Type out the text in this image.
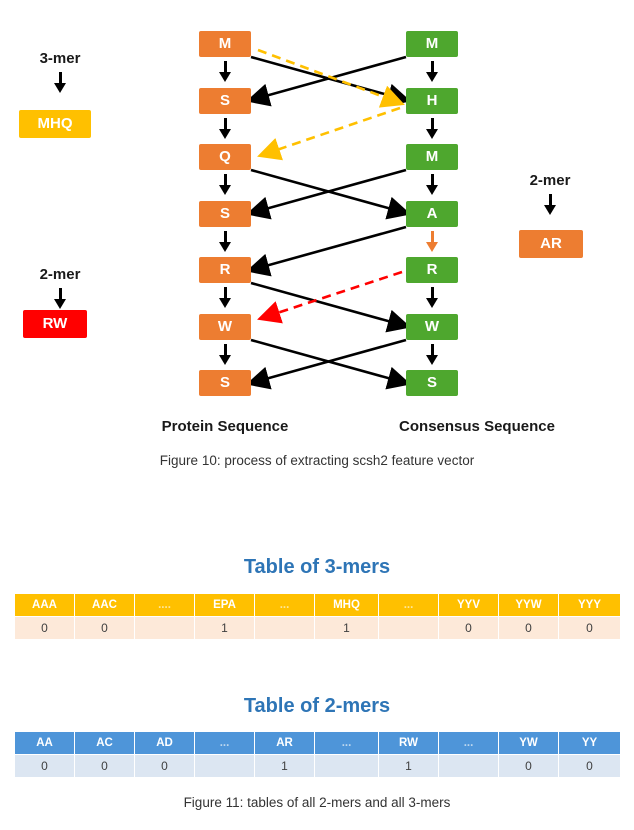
M
S
Q
S
R
W
S
M
H
M
A
R
W
S
Protein Sequence	Consensus Sequence
3-mer
MHQ
2-mer
RW
2-mer
AR
Figure 10: process of extracting scsh2 feature vector
Table of 3-mers
AAA	AAC	....	EPA	...	MHQ	...	YYV	YYW	YYY
0	0		1		1		0	0	0
Table of 2-mers
AA	AC	AD	...	AR	...	RW	...	YW	YY
0	0	0		1		1		0	0
Figure 11: tables of all 2-mers and all 3-mers
